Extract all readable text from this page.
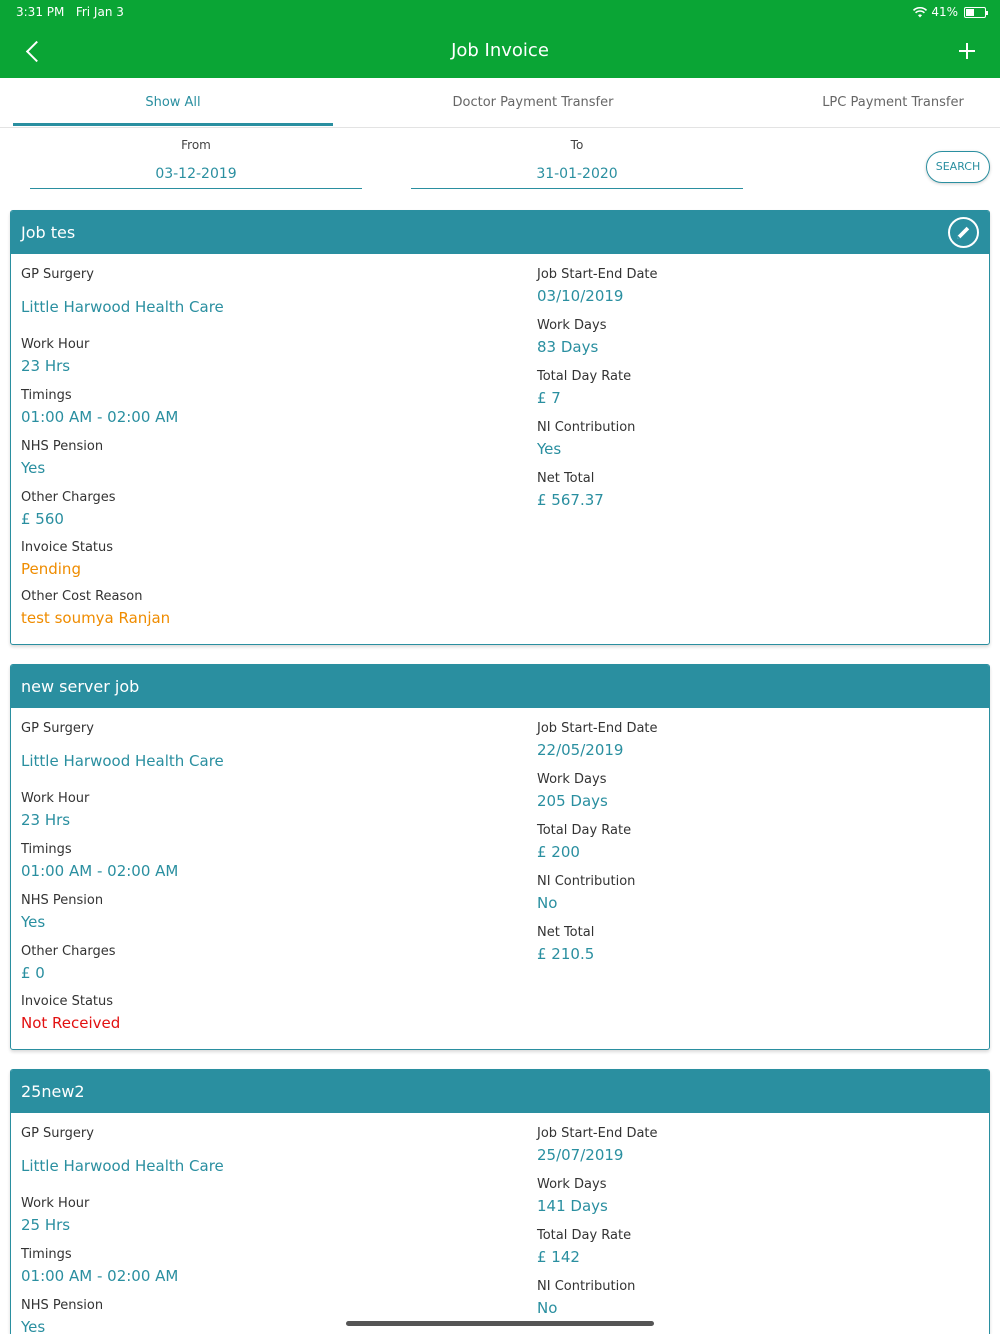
3:31 PM Fri Jan 3	41%
Job Invoice
Show All	Doctor Payment Transfer	LPC Payment Transfer
From
03-12-2019
To
31-01-2020	SEARCH
Job tes
GP Surgery
Little Harwood Health Care
Work Hour
23 Hrs
Timings
01:00 AM - 02:00 AM
NHS Pension
Yes
Other Charges
£ 560
Invoice Status
Pending
Other Cost Reason
test soumya Ranjan
Job Start-End Date
03/10/2019
Work Days
83 Days
Total Day Rate
£ 7
NI Contribution
Yes
Net Total
£ 567.37
new server job
GP Surgery
Little Harwood Health Care
Work Hour
23 Hrs
Timings
01:00 AM - 02:00 AM
NHS Pension
Yes
Other Charges
£ 0
Invoice Status
Not Received
Job Start-End Date
22/05/2019
Work Days
205 Days
Total Day Rate
£ 200
NI Contribution
No
Net Total
£ 210.5
25new2
GP Surgery
Little Harwood Health Care
Work Hour
25 Hrs
Timings
01:00 AM - 02:00 AM
NHS Pension
Yes
Job Start-End Date
25/07/2019
Work Days
141 Days
Total Day Rate
£ 142
NI Contribution
No
